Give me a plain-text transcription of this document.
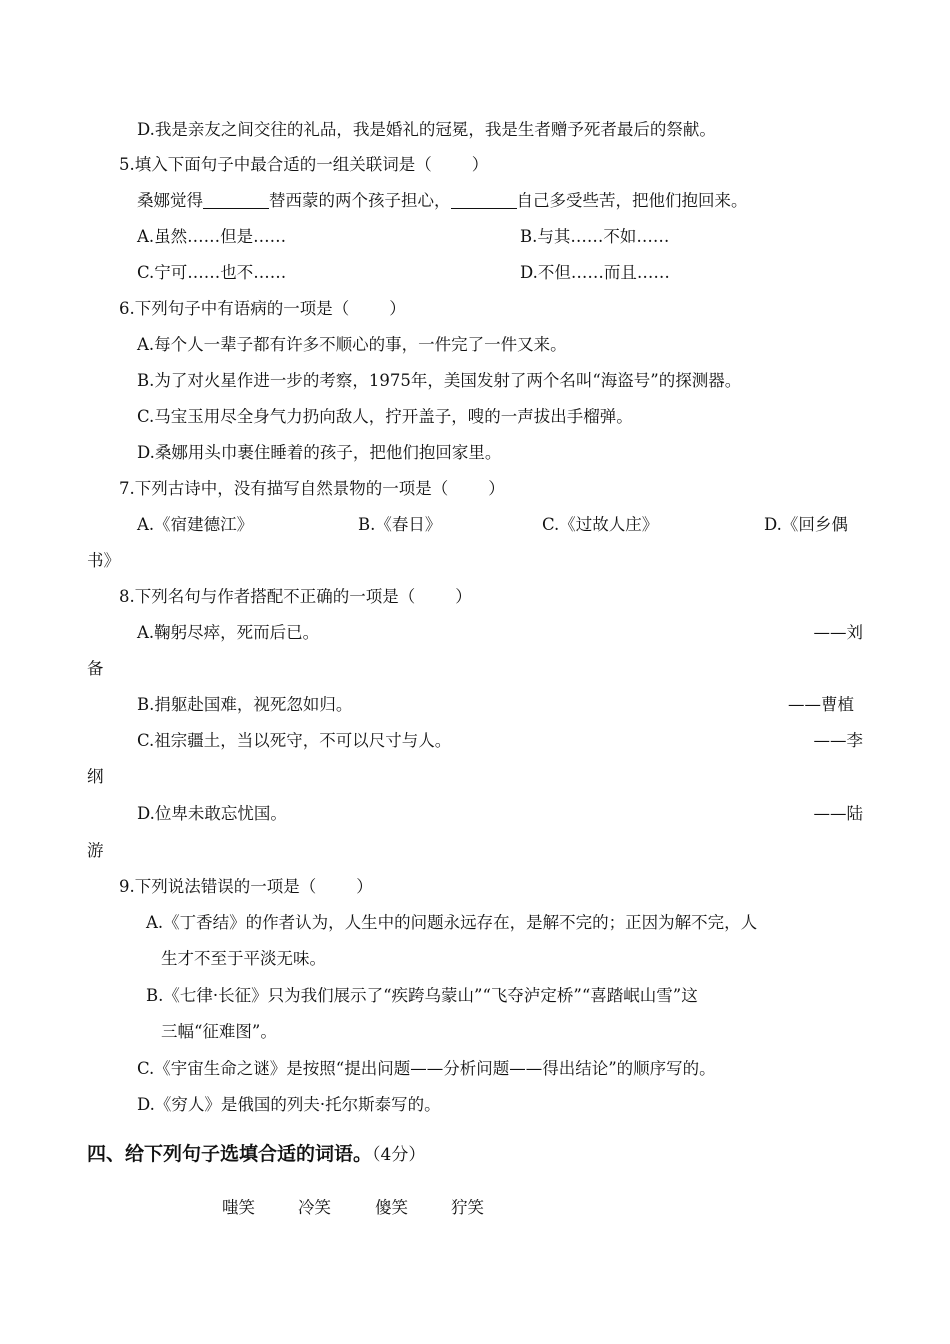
D.我是亲友之间交往的礼品，我是婚礼的冠冕，我是生者赠予死者最后的祭献。
5.填入下面句子中最合适的一组关联词是（ ）
桑娜觉得	替西蒙的两个孩子担心，	自己多受些苦，把他们抱回来。
A.虽然……但是……	B.与其……不如……
C.宁可……也不……	D.不但……而且……
6.下列句子中有语病的一项是（ ）
A.每个人一辈子都有许多不顺心的事，一件完了一件又来。
B.为了对火星作进一步的考察，1975年，美国发射了两个名叫“海盗号”的探测器。
C.马宝玉用尽全身气力扔向敌人，拧开盖子，嗖的一声拔出手榴弹。
D.桑娜用头巾裹住睡着的孩子，把他们抱回家里。
7.下列古诗中，没有描写自然景物的一项是（ ）
A.《宿建德江》	B.《春日》	C.《过故人庄》	D.《回乡偶
书》
8.下列名句与作者搭配不正确的一项是（ ）
A.鞠躬尽瘁，死而后已。	——刘
备
B.捐躯赴国难，视死忽如归。	——曹植
C.祖宗疆土，当以死守，不可以尺寸与人。	——李
纲
D.位卑未敢忘忧国。	——陆
游
9.下列说法错误的一项是（ ）
A.《丁香结》的作者认为，人生中的问题永远存在，是解不完的；正因为解不完，人
生才不至于平淡无味。
B.《七律·长征》只为我们展示了“疾跨乌蒙山”“飞夺泸定桥”“喜踏岷山雪”这
三幅“征难图”。
C.《宇宙生命之谜》是按照“提出问题——分析问题——得出结论”的顺序写的。
D.《穷人》是俄国的列夫·托尔斯泰写的。
四、给下列句子选填合适的词语。（4分）
嗤笑	冷笑	傻笑	狞笑
